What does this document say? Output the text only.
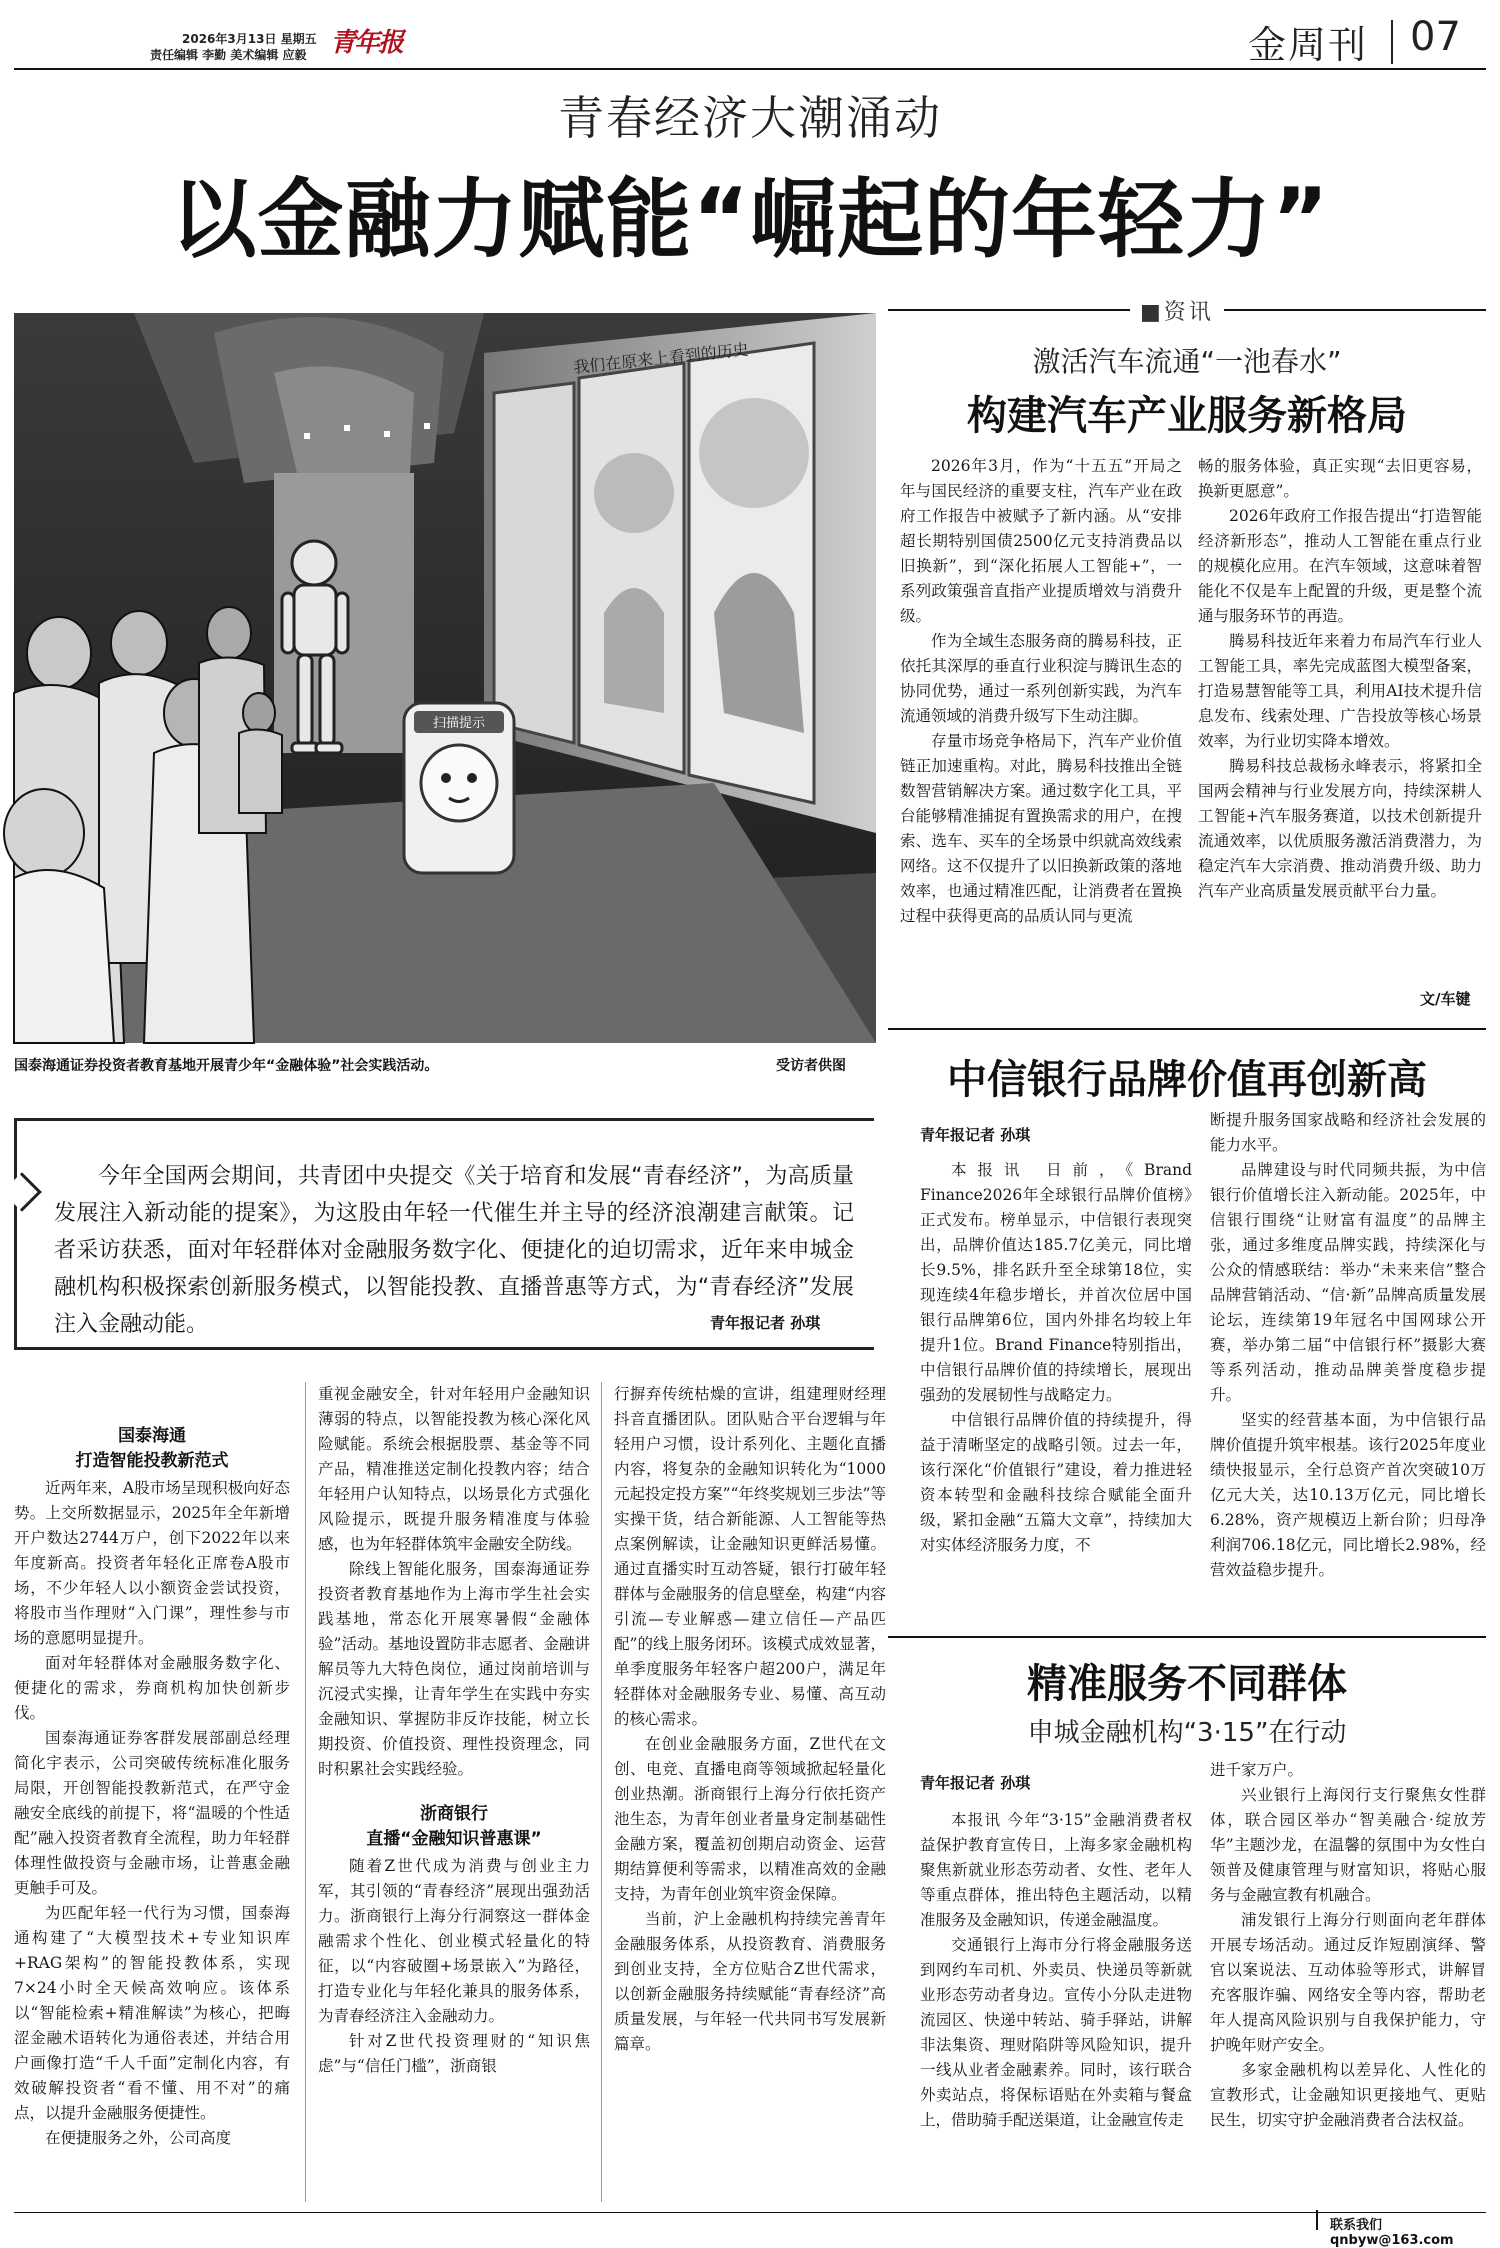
2026年3月13日 星期五
责任编辑 李勤 美术编辑 应毅 青年报	金周刊 07
青春经济大潮涌动
以金融力赋能“崛起的年轻力”
扫描提示
我们在原来上看到的历史
国泰海通证券投资者教育基地开展青少年“金融体验”社会实践活动。	受访者供图
今年全国两会期间，共青团中央提交《关于培育和发展“青春经济”，为高质量发展注入新动能的提案》，为这股由年轻一代催生并主导的经济浪潮建言献策。记者采访获悉，面对年轻群体对金融服务数字化、便捷化的迫切需求，近年来申城金融机构积极探索创新服务模式，以智能投教、直播普惠等方式，为“青春经济”发展注入金融动能。	青年报记者 孙琪
国泰海通
打造智能投教新范式

近两年来，A股市场呈现积极向好态势。上交所数据显示，2025年全年新增开户数达2744万户，创下2022年以来年度新高。投资者年轻化正席卷A股市场，不少年轻人以小额资金尝试投资，将股市当作理财“入门课”，理性参与市场的意愿明显提升。

面对年轻群体对金融服务数字化、便捷化的需求，券商机构加快创新步伐。

国泰海通证券客群发展部副总经理简化宇表示，公司突破传统标准化服务局限，开创智能投教新范式，在严守金融安全底线的前提下，将“温暖的个性适配”融入投资者教育全流程，助力年轻群体理性做投资与金融市场，让普惠金融更触手可及。

为匹配年轻一代行为习惯，国泰海通构建了“大模型技术+专业知识库+RAG架构”的智能投教体系，实现7×24小时全天候高效响应。该体系以“智能检索+精准解读”为核心，把晦涩金融术语转化为通俗表述，并结合用户画像打造“千人千面”定制化内容，有效破解投资者“看不懂、用不对”的痛点，以提升金融服务便捷性。

在便捷服务之外，公司高度

重视金融安全，针对年轻用户金融知识薄弱的特点，以智能投教为核心深化风险赋能。系统会根据股票、基金等不同产品，精准推送定制化投教内容；结合年轻用户认知特点，以场景化方式强化风险提示，既提升服务精准度与体验感，也为年轻群体筑牢金融安全防线。

除线上智能化服务，国泰海通证券投资者教育基地作为上海市学生社会实践基地，常态化开展寒暑假“金融体验”活动。基地设置防非志愿者、金融讲解员等九大特色岗位，通过岗前培训与沉浸式实操，让青年学生在实践中夯实金融知识、掌握防非反诈技能，树立长期投资、价值投资、理性投资理念，同时积累社会实践经验。

浙商银行
直播“金融知识普惠课”

随着Z世代成为消费与创业主力军，其引领的“青春经济”展现出强劲活力。浙商银行上海分行洞察这一群体金融需求个性化、创业模式轻量化的特征，以“内容破圈+场景嵌入”为路径，打造专业化与年轻化兼具的服务体系，为青春经济注入金融动力。

针对Z世代投资理财的“知识焦虑”与“信任门槛”，浙商银

行摒弃传统枯燥的宣讲，组建理财经理抖音直播团队。团队贴合平台逻辑与年轻用户习惯，设计系列化、主题化直播内容，将复杂的金融知识转化为“1000元起投定投方案”“年终奖规划三步法”等实操干货，结合新能源、人工智能等热点案例解读，让金融知识更鲜活易懂。通过直播实时互动答疑，银行打破年轻群体与金融服务的信息壁垒，构建“内容引流—专业解惑—建立信任—产品匹配”的线上服务闭环。该模式成效显著，单季度服务年轻客户超200户，满足年轻群体对金融服务专业、易懂、高互动的核心需求。

在创业金融服务方面，Z世代在文创、电竞、直播电商等领域掀起轻量化创业热潮。浙商银行上海分行依托资产池生态，为青年创业者量身定制基础性金融方案，覆盖初创期启动资金、运营期结算便利等需求，以精准高效的金融支持，为青年创业筑牢资金保障。

当前，沪上金融机构持续完善青年金融服务体系，从投资教育、消费服务到创业支持，全方位贴合Z世代需求，以创新金融服务持续赋能“青春经济”高质量发展，与年轻一代共同书写发展新篇章。

■资讯
激活汽车流通“一池春水”
构建汽车产业服务新格局

2026年3月，作为“十五五”开局之年与国民经济的重要支柱，汽车产业在政府工作报告中被赋予了新内涵。从“安排超长期特别国债2500亿元支持消费品以旧换新”，到“深化拓展人工智能+”，一系列政策强音直指产业提质增效与消费升级。

作为全域生态服务商的腾易科技，正依托其深厚的垂直行业积淀与腾讯生态的协同优势，通过一系列创新实践，为汽车流通领域的消费升级写下生动注脚。

存量市场竞争格局下，汽车产业价值链正加速重构。对此，腾易科技推出全链数智营销解决方案。通过数字化工具，平台能够精准捕捉有置换需求的用户，在搜索、选车、买车的全场景中织就高效线索网络。这不仅提升了以旧换新政策的落地效率，也通过精准匹配，让消费者在置换过程中获得更高的品质认同与更流

畅的服务体验，真正实现“去旧更容易，换新更愿意”。

2026年政府工作报告提出“打造智能经济新形态”，推动人工智能在重点行业的规模化应用。在汽车领域，这意味着智能化不仅是车上配置的升级，更是整个流通与服务环节的再造。

腾易科技近年来着力布局汽车行业人工智能工具，率先完成蓝图大模型备案，打造易慧智能等工具，利用AI技术提升信息发布、线索处理、广告投放等核心场景效率，为行业切实降本增效。

腾易科技总裁杨永峰表示，将紧扣全国两会精神与行业发展方向，持续深耕人工智能+汽车服务赛道，以技术创新提升流通效率，以优质服务激活消费潜力，为稳定汽车大宗消费、推动消费升级、助力汽车产业高质量发展贡献平台力量。

文/车键
中信银行品牌价值再创新高
青年报记者 孙琪

本报讯 日前，《Brand Finance2026年全球银行品牌价值榜》正式发布。榜单显示，中信银行表现突出，品牌价值达185.7亿美元，同比增长9.5%，排名跃升至全球第18位，实现连续4年稳步增长，并首次位居中国银行品牌第6位，国内外排名均较上年提升1位。Brand Finance特别指出，中信银行品牌价值的持续增长，展现出强劲的发展韧性与战略定力。

中信银行品牌价值的持续提升，得益于清晰坚定的战略引领。过去一年，该行深化“价值银行”建设，着力推进轻资本转型和金融科技综合赋能全面升级，紧扣金融“五篇大文章”，持续加大对实体经济服务力度，不

断提升服务国家战略和经济社会发展的能力水平。

品牌建设与时代同频共振，为中信银行价值增长注入新动能。2025年，中信银行围绕“让财富有温度”的品牌主张，通过多维度品牌实践，持续深化与公众的情感联结：举办“未来来信”整合品牌营销活动、“信·新”品牌高质量发展论坛，连续第19年冠名中国网球公开赛，举办第二届“中信银行杯”摄影大赛等系列活动，推动品牌美誉度稳步提升。

坚实的经营基本面，为中信银行品牌价值提升筑牢根基。该行2025年度业绩快报显示，全行总资产首次突破10万亿元大关，达10.13万亿元，同比增长6.28%，资产规模迈上新台阶；归母净利润706.18亿元，同比增长2.98%，经营效益稳步提升。

精准服务不同群体
申城金融机构“3·15”在行动
青年报记者 孙琪

本报讯 今年“3·15”金融消费者权益保护教育宣传日，上海多家金融机构聚焦新就业形态劳动者、女性、老年人等重点群体，推出特色主题活动，以精准服务及金融知识，传递金融温度。

交通银行上海市分行将金融服务送到网约车司机、外卖员、快递员等新就业形态劳动者身边。宣传小分队走进物流园区、快递中转站、骑手驿站，讲解非法集资、理财陷阱等风险知识，提升一线从业者金融素养。同时，该行联合外卖站点，将保标语贴在外卖箱与餐盒上，借助骑手配送渠道，让金融宣传走

进千家万户。

兴业银行上海闵行支行聚焦女性群体，联合园区举办“智美融合·绽放芳华”主题沙龙，在温馨的氛围中为女性白领普及健康管理与财富知识，将贴心服务与金融宣教有机融合。

浦发银行上海分行则面向老年群体开展专场活动。通过反诈短剧演绎、警官以案说法、互动体验等形式，讲解冒充客服诈骗、网络安全等内容，帮助老年人提高风险识别与自我保护能力，守护晚年财产安全。

多家金融机构以差异化、人性化的宣教形式，让金融知识更接地气、更贴民生，切实守护金融消费者合法权益。

联系我们 qnbyw@163.com
